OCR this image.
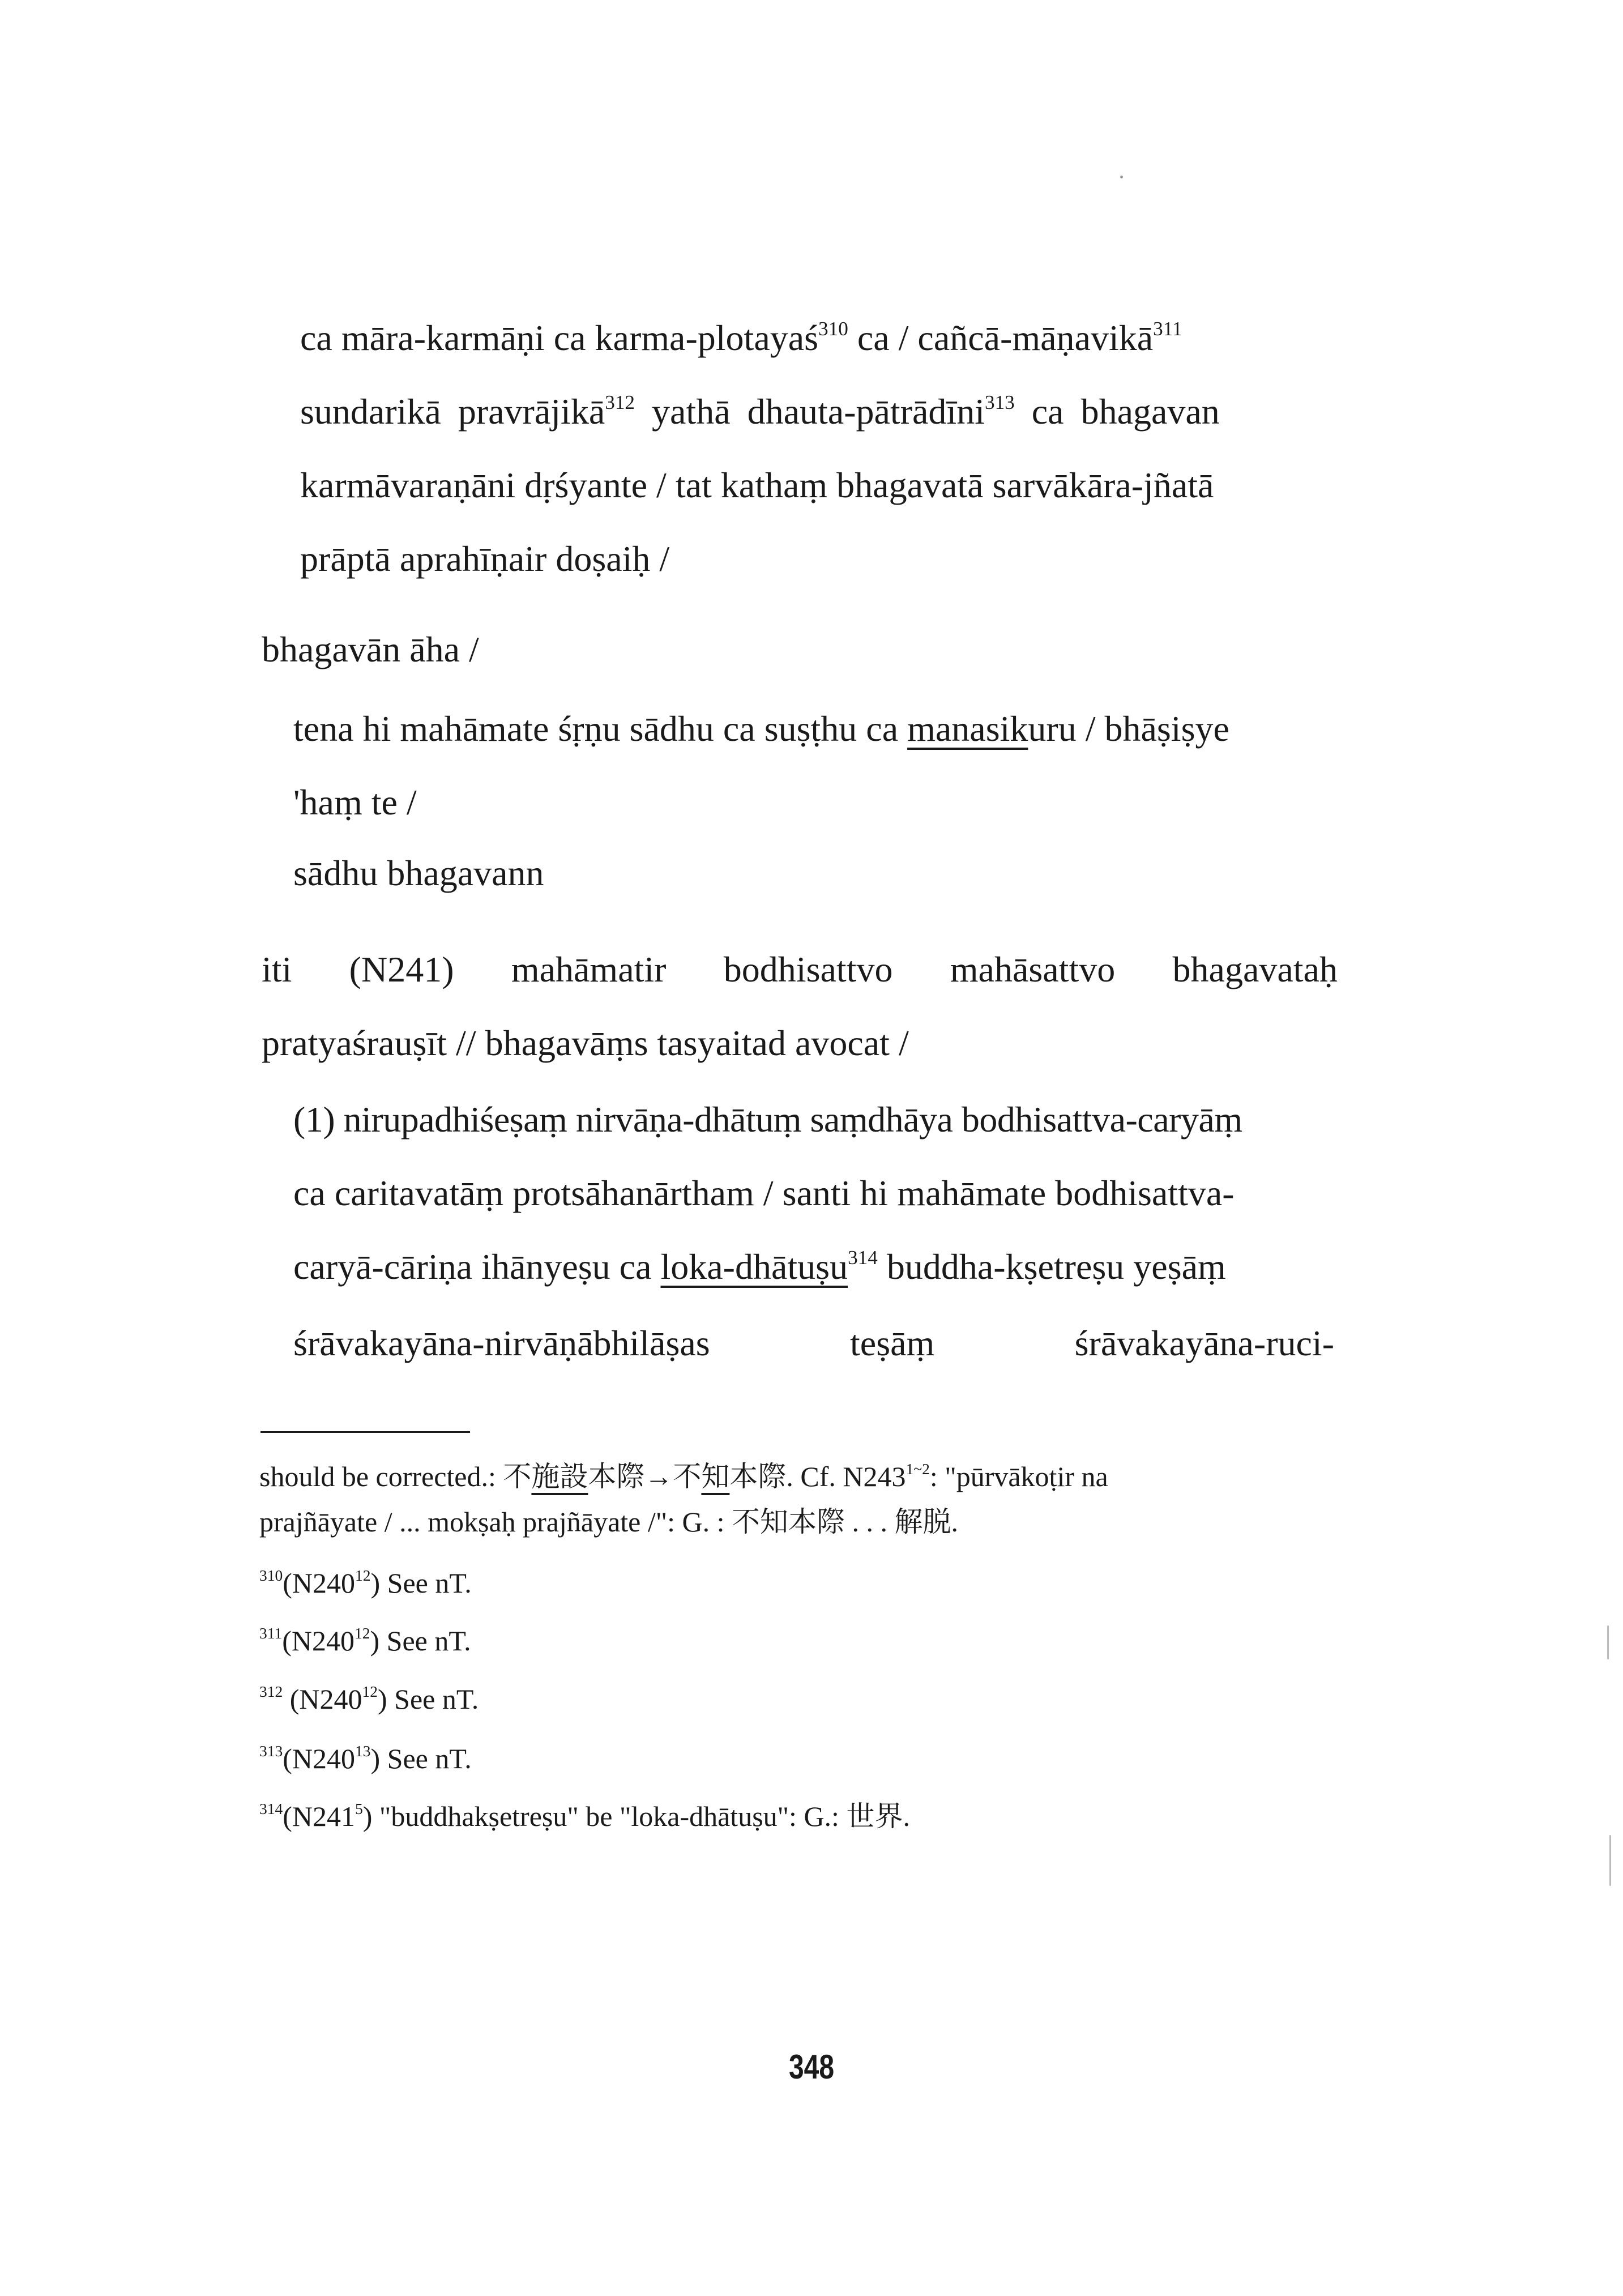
ca māra-karmāṇi ca karma-plotayaś$^{310}$ ca / cañcā-māṇavikā$^{311}$
sundarikā pravrājikā$^{312}$ yathā dhauta-pātrādīni$^{313}$ ca bhagavan
karmāvaraṇāni dṛśyante / tat kathaṃ bhagavatā sarvākāra-jñatā
prāptā aprahīṇair doṣaiḥ /
bhagavān āha /
tena hi mahāmate śṛṇu sādhu ca suṣṭhu ca manasikuru / bhāṣiṣye
'haṃ te /
sādhu bhagavann
iti (N241) mahāmatir bodhisattvo mahāsattvo bhagavataḥ
pratyaśrauṣīt // bhagavāṃs tasyaitad avocat /
(1) nirupadhiśeṣaṃ nirvāṇa-dhātuṃ saṃdhāya bodhisattva-caryāṃ
ca caritavatāṃ protsāhanārtham / santi hi mahāmate bodhisattva-
caryā-cāriṇa ihānyeṣu ca loka-dhātuṣu$^{314}$ buddha-kṣetreṣu yeṣāṃ
śrāvakayāna-nirvāṇābhilāṣas	teṣāṃ	śrāvakayāna-ruci-
should be corrected.: 不施設本際→不知本際. Cf. $N243^{1\sim 2}$: "pūrvākoṭir na
prajñāyate / ... mokṣaḥ prajñāyate /": G. : 不知本際 . . . 解脱.
$^{310}(N240^{12})$ See nT.
$^{311}(N240^{12})$ See nT.
$^{312}$ $(N240^{12})$ See nT.
$^{313}(N240^{13})$ See nT.
$^{314}(N241^5)$ "buddhakṣetreṣu" be "loka-dhātuṣu": G.: 世界.
348
